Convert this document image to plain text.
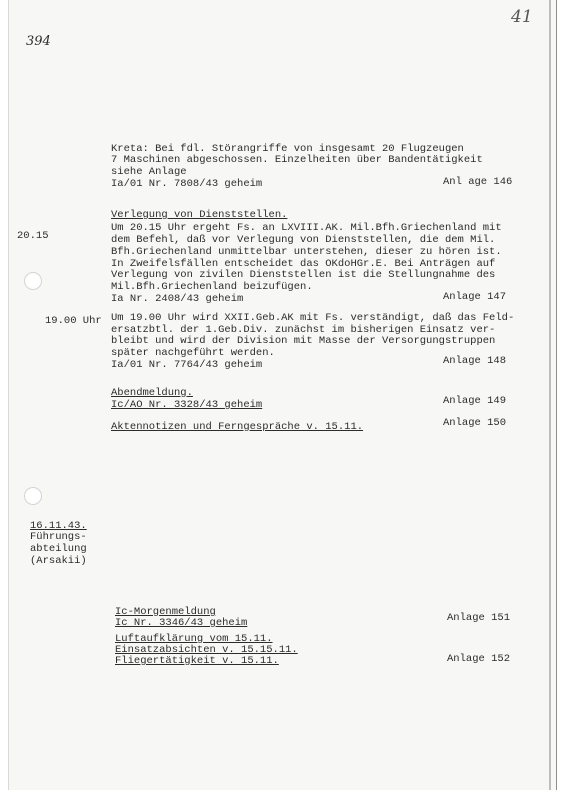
394
41
Kreta: Bei fdl. Störangriffe von insgesamt 20 Flugzeugen
7 Maschinen abgeschossen. Einzelheiten über Bandentätigkeit
siehe Anlage
Ia/01 Nr. 7808/43 geheim	Anl age 146
20.15
Verlegung von Dienststellen.
Um 20.15 Uhr ergeht Fs. an LXVIII.AK. Mil.Bfh.Griechenland mit
dem Befehl, daß vor Verlegung von Dienststellen, die dem Mil.
Bfh.Griechenland unmittelbar unterstehen, dieser zu hören ist.
In Zweifelsfällen entscheidet das OKdoHGr.E. Bei Anträgen auf
Verlegung von zivilen Dienststellen ist die Stellungnahme des
Mil.Bfh.Griechenland beizufügen.
Ia Nr. 2408/43 geheim	Anlage 147
19.00 Uhr Um 19.00 Uhr wird XXII.Geb.AK mit Fs. verständigt, daß das Feld-
ersatzbtl. der 1.Geb.Div. zunächst im bisherigen Einsatz ver-
bleibt und wird der Division mit Masse der Versorgungstruppen
später nachgeführt werden.
Ia/01 Nr. 7764/43 geheim	Anlage 148
Abendmeldung.
Ic/AO Nr. 3328/43 geheim	Anlage 149
Aktennotizen und Ferngespräche v. 15.11.	Anlage 150
16.11.43.
Führungs-
abteilung
(Arsakii)
Ic-Morgenmeldung
Ic Nr. 3346/43 geheim	Anlage 151
Luftaufklärung vom 15.11.
Einsatzabsichten v. 15.15.11.
Fliegertätigkeit v. 15.11.	Anlage 152
